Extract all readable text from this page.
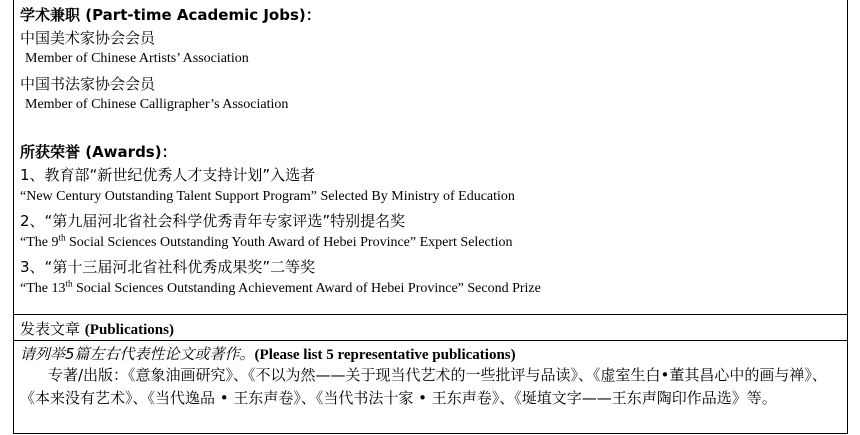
学术兼职 (Part-time Academic Jobs)：
中国美术家协会会员
Member of Chinese Artists’ Association
中国书法家协会会员
Member of Chinese Calligrapher’s Association
所获荣誉 (Awards)：
1、教育部“新世纪优秀人才支持计划”入选者
“New Century Outstanding Talent Support Program” Selected By Ministry of Education
2、“第九届河北省社会科学优秀青年专家评选”特别提名奖
“The 9th Social Sciences Outstanding Youth Award of Hebei Province” Expert Selection
3、“第十三届河北省社科优秀成果奖”二等奖
“The 13th Social Sciences Outstanding Achievement Award of Hebei Province” Second Prize
发表文章 (Publications)
请列举5篇左右代表性论文或著作。(Please list 5 representative publications)
专著/出版：《意象油画研究》、《不以为然——关于现当代艺术的一些批评与品读》、《虚室生白•董其昌心中的画与禅》、《本来没有艺术》、《当代逸品 • 王东声卷》、《当代书法十家 • 王东声卷》、《埏埴文字——王东声陶印作品选》等。
